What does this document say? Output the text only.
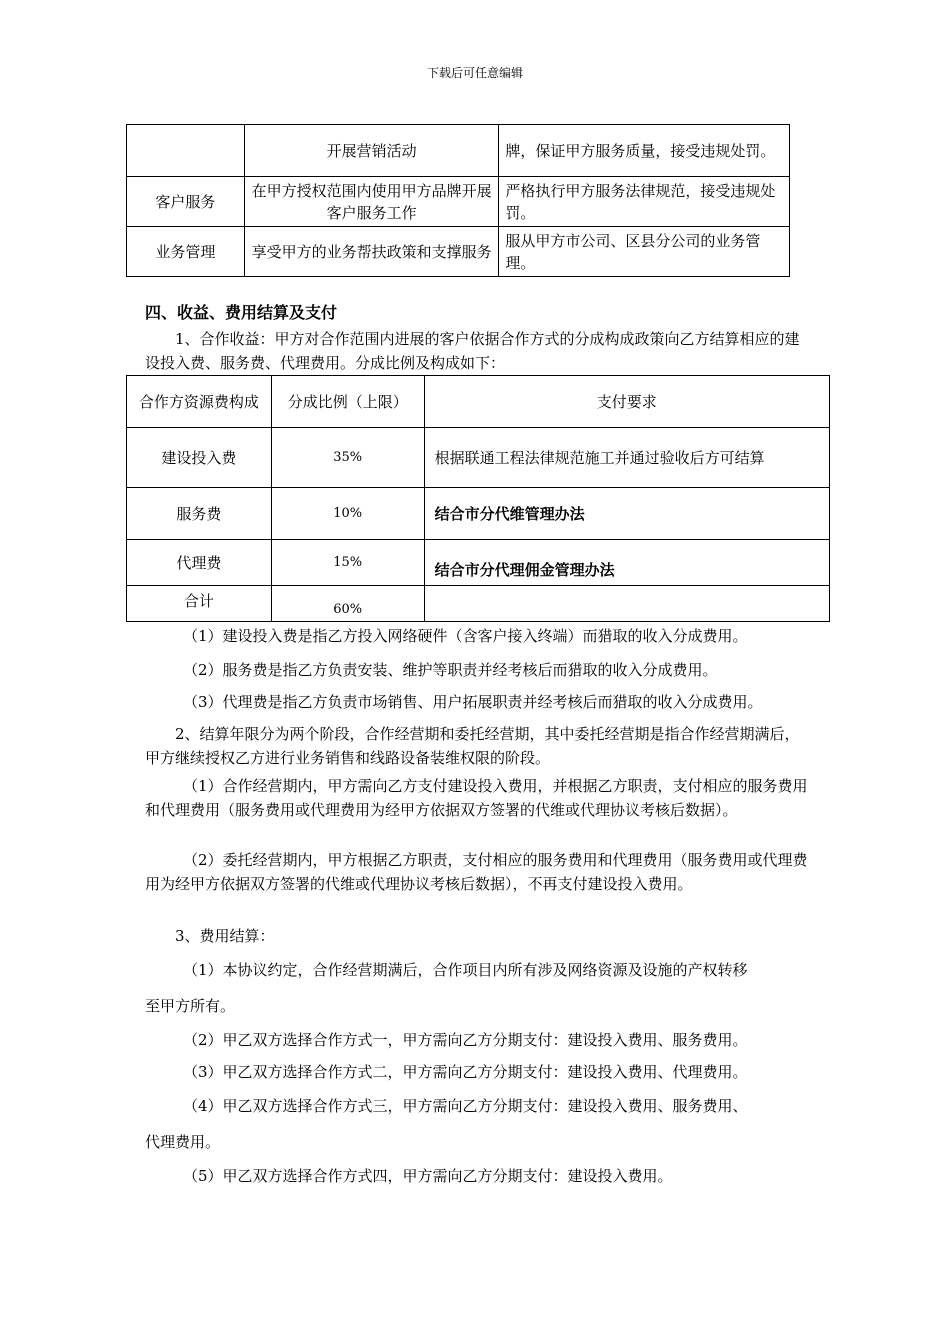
下载后可任意编辑
	开展营销活动	牌，保证甲方服务质量，接受违规处罚。
客户服务	在甲方授权范围内使用甲方品牌开展客户服务工作	严格执行甲方服务法律规范，接受违规处罚。
业务管理	享受甲方的业务帮扶政策和支撑服务	服从甲方市公司、区县分公司的业务管理。
四、收益、费用结算及支付

1、合作收益：甲方对合作范围内进展的客户依据合作方式的分成构成政策向乙方结算相应的建设投入费、服务费、代理费用。分成比例及构成如下：

合作方资源费构成	分成比例（上限）	支付要求
建设投入费	35%	根据联通工程法律规范施工并通过验收后方可结算
服务费	10%	结合市分代维管理办法
代理费	15%	结合市分代理佣金管理办法
合计	60%	

（1）建设投入费是指乙方投入网络硬件（含客户接入终端）而猎取的收入分成费用。

（2）服务费是指乙方负责安装、维护等职责并经考核后而猎取的收入分成费用。

（3）代理费是指乙方负责市场销售、用户拓展职责并经考核后而猎取的收入分成费用。

2、结算年限分为两个阶段，合作经营期和委托经营期，其中委托经营期是指合作经营期满后，甲方继续授权乙方进行业务销售和线路设备装维权限的阶段。

（1）合作经营期内，甲方需向乙方支付建设投入费用，并根据乙方职责，支付相应的服务费用和代理费用（服务费用或代理费用为经甲方依据双方签署的代维或代理协议考核后数据）。

（2）委托经营期内，甲方根据乙方职责，支付相应的服务费用和代理费用（服务费用或代理费用为经甲方依据双方签署的代维或代理协议考核后数据），不再支付建设投入费用。

3、费用结算：

（1）本协议约定，合作经营期满后，合作项目内所有涉及网络资源及设施的产权转移

至甲方所有。

（2）甲乙双方选择合作方式一，甲方需向乙方分期支付：建设投入费用、服务费用。

（3）甲乙双方选择合作方式二，甲方需向乙方分期支付：建设投入费用、代理费用。

（4）甲乙双方选择合作方式三，甲方需向乙方分期支付：建设投入费用、服务费用、

代理费用。

（5）甲乙双方选择合作方式四，甲方需向乙方分期支付：建设投入费用。
